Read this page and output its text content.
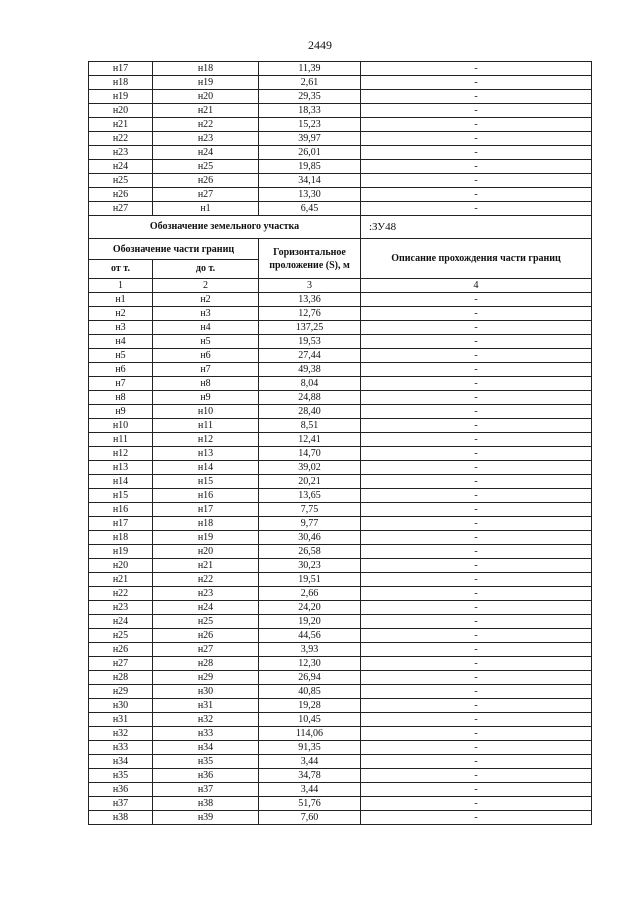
2449
н17	н18	11,39	-
н18	н19	2,61	-
н19	н20	29,35	-
н20	н21	18,33	-
н21	н22	15,23	-
н22	н23	39,97	-
н23	н24	26,01	-
н24	н25	19,85	-
н25	н26	34,14	-
н26	н27	13,30	-
н27	н1	6,45	-
Обозначение земельного участка			:ЗУ48
Обозначение части границ		Горизонтальное проложение (S), м	Описание прохождения части границ
от т.	до т.		
1	2	3	4
н1	н2	13,36	-
н2	н3	12,76	-
н3	н4	137,25	-
н4	н5	19,53	-
н5	н6	27,44	-
н6	н7	49,38	-
н7	н8	8,04	-
н8	н9	24,88	-
н9	н10	28,40	-
н10	н11	8,51	-
н11	н12	12,41	-
н12	н13	14,70	-
н13	н14	39,02	-
н14	н15	20,21	-
н15	н16	13,65	-
н16	н17	7,75	-
н17	н18	9,77	-
н18	н19	30,46	-
н19	н20	26,58	-
н20	н21	30,23	-
н21	н22	19,51	-
н22	н23	2,66	-
н23	н24	24,20	-
н24	н25	19,20	-
н25	н26	44,56	-
н26	н27	3,93	-
н27	н28	12,30	-
н28	н29	26,94	-
н29	н30	40,85	-
н30	н31	19,28	-
н31	н32	10,45	-
н32	н33	114,06	-
н33	н34	91,35	-
н34	н35	3,44	-
н35	н36	34,78	-
н36	н37	3,44	-
н37	н38	51,76	-
н38	н39	7,60	-
